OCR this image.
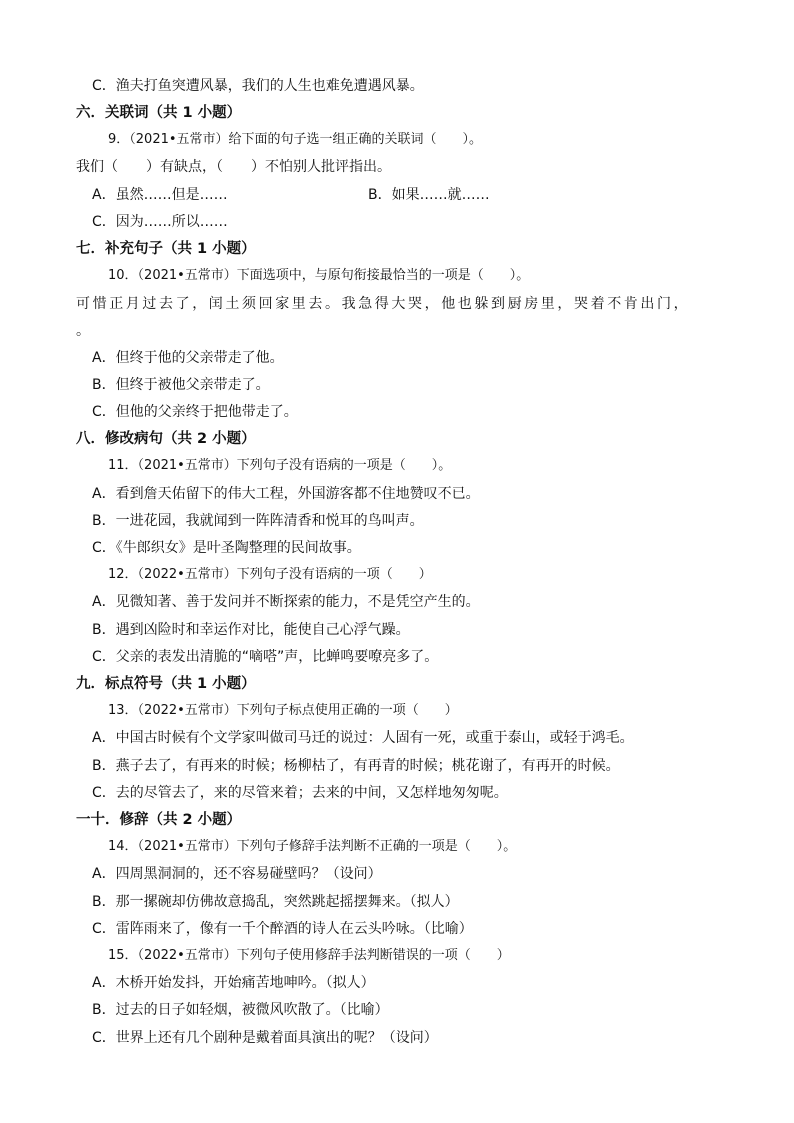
C．渔夫打鱼突遭风暴，我们的人生也难免遭遇风暴。
六．关联词（共 1 小题）
9．（2021•五常市）给下面的句子选一组正确的关联词（　　）。
我们（　　）有缺点，（　　）不怕别人批评指出。
A．虽然……但是……	B．如果……就……
C．因为……所以……
七．补充句子（共 1 小题）
10．（2021•五常市）下面选项中，与原句衔接最恰当的一项是（　　）。
可惜正月过去了，闰土须回家里去。我急得大哭，他也躲到厨房里，哭着不肯出门，
。
A．但终于他的父亲带走了他。
B．但终于被他父亲带走了。
C．但他的父亲终于把他带走了。
八．修改病句（共 2 小题）
11．（2021•五常市）下列句子没有语病的一项是（　　）。
A．看到詹天佑留下的伟大工程，外国游客都不住地赞叹不已。
B．一进花园，我就闻到一阵阵清香和悦耳的鸟叫声。
C．《牛郎织女》是叶圣陶整理的民间故事。
12．（2022•五常市）下列句子没有语病的一项（　　）
A．见微知著、善于发问并不断探索的能力，不是凭空产生的。
B．遇到凶险时和幸运作对比，能使自己心浮气躁。
C．父亲的表发出清脆的“嘀嗒”声，比蝉鸣要嘹亮多了。
九．标点符号（共 1 小题）
13．（2022•五常市）下列句子标点使用正确的一项（　　）
A．中国古时候有个文学家叫做司马迁的说过：人固有一死，或重于泰山，或轻于鸿毛。
B．燕子去了，有再来的时候；杨柳枯了，有再青的时候；桃花谢了，有再开的时候。
C．去的尽管去了，来的尽管来着；去来的中间，又怎样地匆匆呢。
一十．修辞（共 2 小题）
14．（2021•五常市）下列句子修辞手法判断不正确的一项是（　　）。
A．四周黑洞洞的，还不容易碰壁吗？（设问）
B．那一摞碗却仿佛故意捣乱，突然跳起摇摆舞来。（拟人）
C．雷阵雨来了，像有一千个醉酒的诗人在云头吟咏。（比喻）
15．（2022•五常市）下列句子使用修辞手法判断错误的一项（　　）
A．木桥开始发抖，开始痛苦地呻吟。（拟人）
B．过去的日子如轻烟，被微风吹散了。（比喻）
C．世界上还有几个剧种是戴着面具演出的呢？（设问）
